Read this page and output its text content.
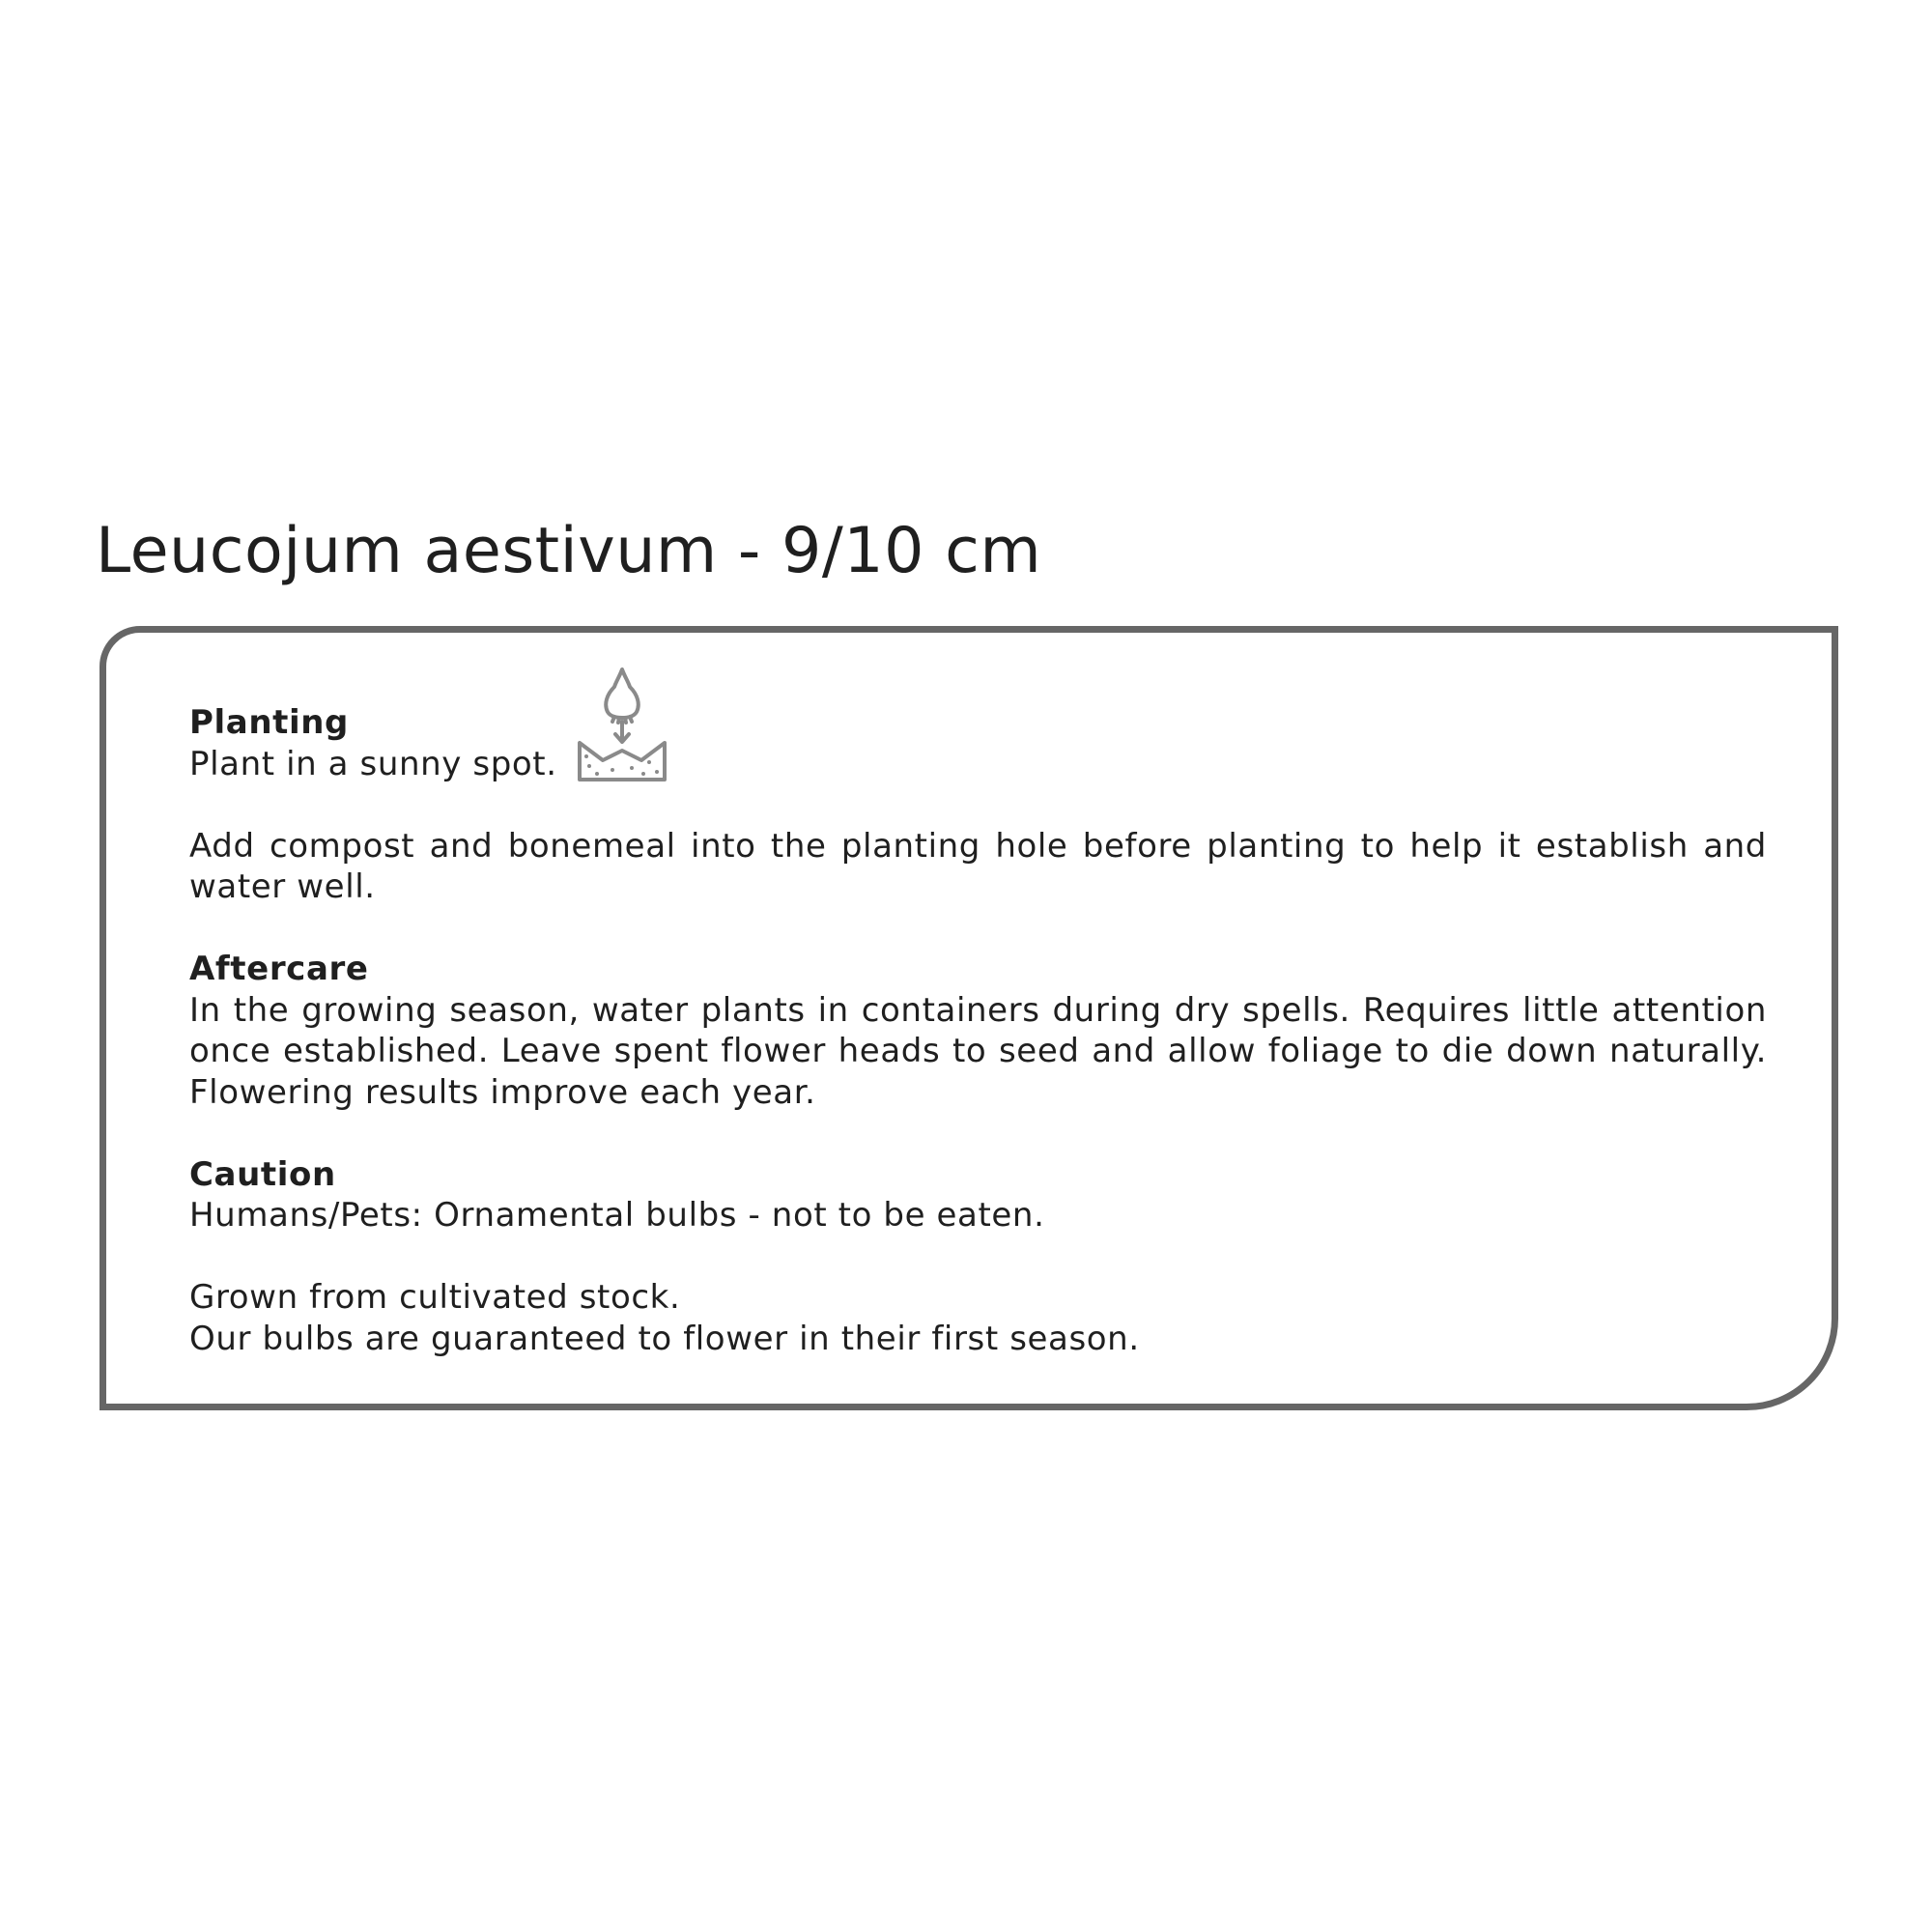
Leucojum aestivum - 9/10 cm

Planting

Plant in a sunny spot.

Add compost and bonemeal into the planting hole before planting to help it establish and water well.

Aftercare

In the growing season, water plants in containers during dry spells. Requires little attention once established. Leave spent flower heads to seed and allow foliage to die down naturally. Flowering results improve each year.

Caution

Humans/Pets: Ornamental bulbs - not to be eaten.

Grown from cultivated stock.

Our bulbs are guaranteed to flower in their first season.
